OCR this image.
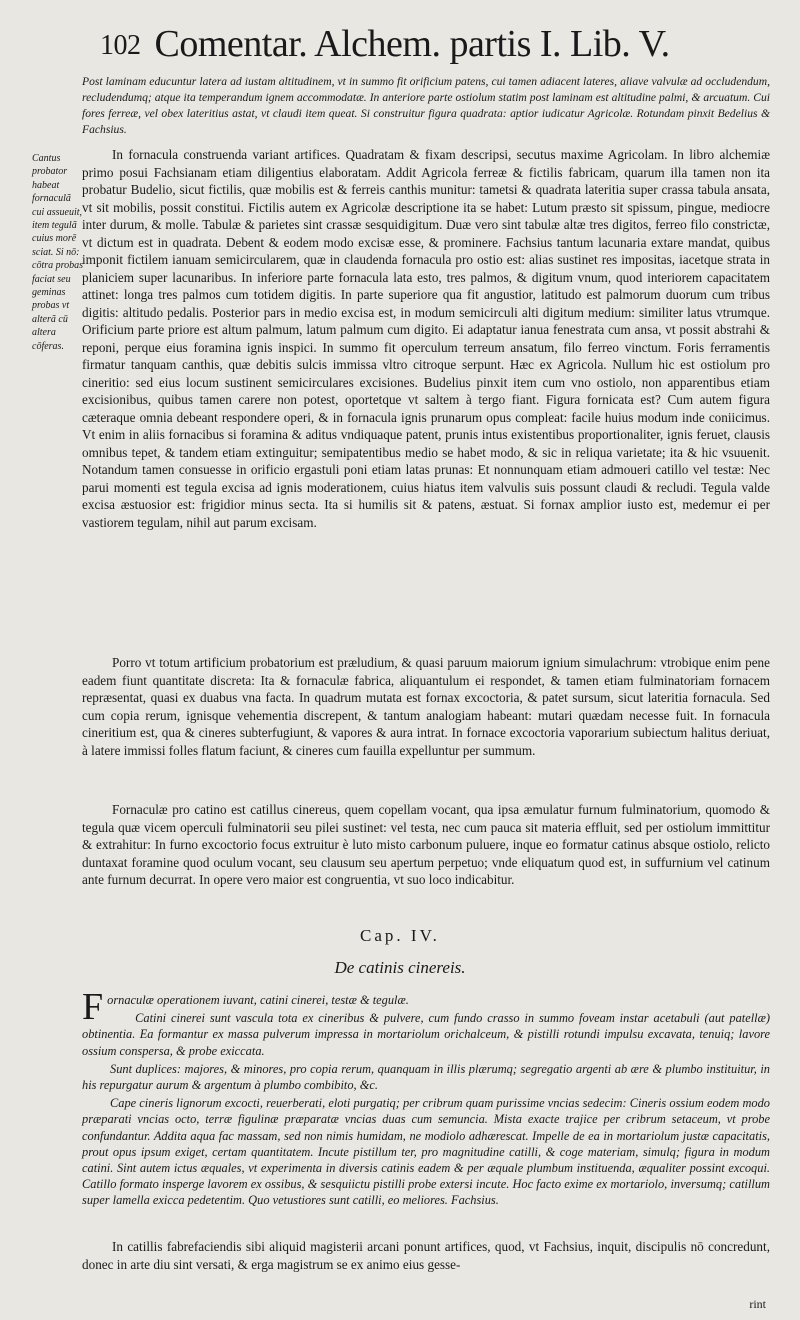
102 Comentar. Alchem. partis I. Lib. V.
Post laminam educuntur latera ad iustam altitudinem, vt in summo fit orificium patens, cui tamen adiacent lateres, aliave valvulæ ad occludendum, recludendumq; atque ita temperandum ignem accommodatæ. In anteriore parte ostiolum statim post laminam est altitudine palmi, & arcuatum. Cui fores ferreæ, vel obex lateritius astat, vt claudi item queat. Si construitur figura quadrata: aptior iudicatur Agricolæ. Rotundam pinxit Bedelius & Fachsius.
Cantus probator habeat fornaculã cui assueuit, item tegulã cuius morē sciat. Si nō: cōtra probas faciat seu geminas probas vt alterã cū altera cōferas.

In fornacula construenda variant artifices. Quadratam & fixam descripsi, secutus maxime Agricolam. In libro alchemiæ primo posui Fachsianam etiam diligentius elaboratam. Addit Agricola ferreæ & fictilis fabricam, quarum illa tamen non ita probatur Budelio, sicut fictilis, quæ mobilis est & ferreis canthis munitur: tametsi & quadrata lateritia super crassa tabula ansata, vt sit mobilis, possit constitui. Fictilis autem ex Agricolæ descriptione ita se habet: Lutum præsto sit spissum, pingue, mediocre inter durum, & molle. Tabulæ & parietes sint crassæ sesquidigitum. Duæ vero sint tabulæ altæ tres digitos, ferreo filo constrictæ, vt dictum est in quadrata. Debent & eodem modo excisæ esse, & prominere. Fachsius tantum lacunaria extare mandat, quibus imponit fictilem ianuam semicircularem, quæ in claudenda fornacula pro ostio est: alias sustinet res impositas, iacetque strata in planiciem super lacunaribus. In inferiore parte fornacula lata esto, tres palmos, & digitum vnum, quod interiorem capacitatem attinet: longa tres palmos cum totidem digitis. In parte superiore qua fit angustior, latitudo est palmorum duorum cum tribus digitis: altitudo pedalis. Posterior pars in medio excisa est, in modum semicirculi alti digitum medium: similiter latus vtrumque. Orificium parte priore est altum palmum, latum palmum cum digito. Ei adaptatur ianua fenestrata cum ansa, vt possit abstrahi & reponi, perque eius foramina ignis inspici. In summo fit operculum terreum ansatum, filo ferreo vinctum. Foris ferramentis firmatur tanquam canthis, quæ debitis sulcis immissa vltro citroque serpunt. Hæc ex Agricola. Nullum hic est ostiolum pro cineritio: sed eius locum sustinent semicirculares excisiones. Budelius pinxit item cum vno ostiolo, non apparentibus etiam excisionibus, quibus tamen carere non potest, oportetque vt saltem à tergo fiant. Figura fornicata est? Cum autem figura cæteraque omnia debeant respondere operi, & in fornacula ignis prunarum opus compleat: facile huius modum inde coniicimus. Vt enim in aliis fornacibus si foramina & aditus vndiquaque patent, prunis intus existentibus proportionaliter, ignis feruet, clausis omnibus tepet, & tandem etiam extinguitur; semipatentibus medio se habet modo, & sic in reliqua varietate; ita & hic vsuuenit. Notandum tamen consuesse in orificio ergastuli poni etiam latas prunas: Et nonnunquam etiam admoueri catillo vel testæ: Nec parui momenti est tegula excisa ad ignis moderationem, cuius hiatus item valvulis suis possunt claudi & recludi. Tegula valde excisa æstuosior est: frigidior minus secta. Ita si humilis sit & patens, æstuat. Si fornax amplior iusto est, medemur ei per vastiorem tegulam, nihil aut parum excisam.

Porro vt totum artificium probatorium est præludium, & quasi paruum maiorum ignium simulachrum: vtrobique enim pene eadem fiunt quantitate discreta: Ita & fornaculæ fabrica, aliquantulum ei respondet, & tamen etiam fulminatoriam fornacem repræsentat, quasi ex duabus vna facta. In quadrum mutata est fornax excoctoria, & patet sursum, sicut lateritia fornacula. Sed cum copia rerum, ignisque vehementia discrepent, & tantum analogiam habeant: mutari quædam necesse fuit. In fornacula cineritium est, qua & cineres subterfugiunt, & vapores & aura intrat. In fornace excoctoria vaporarium subiectum halitus deriuat, à latere immissi folles flatum faciunt, & cineres cum fauilla expelluntur per summum.

Fornaculæ pro catino est catillus cinereus, quem copellam vocant, qua ipsa æmulatur furnum fulminatorium, quomodo & tegula quæ vicem operculi fulminatorii seu pilei sustinet: vel testa, nec cum pauca sit materia effluit, sed per ostiolum immittitur & extrahitur: In furno excoctorio focus extruitur è luto misto carbonum puluere, inque eo formatur catinus absque ostiolo, relicto duntaxat foramine quod oculum vocant, seu clausum seu apertum perpetuo; vnde eliquatum quod est, in suffurnium vel catinum ante furnum decurrat. In opere vero maior est congruentia, vt suo loco indicabitur.

Cap. IV.
De catinis cinereis.

Fornaculæ operationem iuvant, catini cinerei, testæ & tegulæ.

Catini cinerei sunt vascula tota ex cineribus & pulvere, cum fundo crasso in summo foveam instar acetabuli (aut patellæ) obtinentia. Ea formantur ex massa pulverum impressa in mortariolum orichalceum, & pistilli rotundi impulsu excavata, tenuiq; lavore ossium conspersa, & probe exiccata.

Sunt duplices: majores, & minores, pro copia rerum, quanquam in illis plærumq; segregatio argenti ab ære & plumbo instituitur, in his repurgatur aurum & argentum à plumbo combibito, &c.

Cape cineris lignorum excocti, reuerberati, eloti purgatiq; per cribrum quam purissime vncias sedecim: Cineris ossium eodem modo præparati vncias octo, terræ figulinæ præparatæ vncias duas cum semuncia. Mista exacte trajice per cribrum setaceum, vt probe confundantur. Addita aqua fac massam, sed non nimis humidam, ne modiolo adhærescat. Impelle de ea in mortariolum justæ capacitatis, prout opus ipsum exiget, certam quantitatem. Incute pistillum ter, pro magnitudine catilli, & coge materiam, simulq; figura in modum catini. Sint autem ictus æquales, vt experimenta in diversis catinis eadem & per æquale plumbum instituenda, æqualiter possint excoqui. Catillo formato insperge lavorem ex ossibus, & sesquiictu pistilli probe extersi incute. Hoc facto exime ex mortariolo, inversumq; catillum super lamella exicca pedetentim. Quo vetustiores sunt catilli, eo meliores. Fachsius.

In catillis fabrefaciendis sibi aliquid magisterii arcani ponunt artifices, quod, vt Fachsius, inquit, discipulis nō concredunt, donec in arte diu sint versati, & erga magistrum se ex animo eius gesse-

rint
